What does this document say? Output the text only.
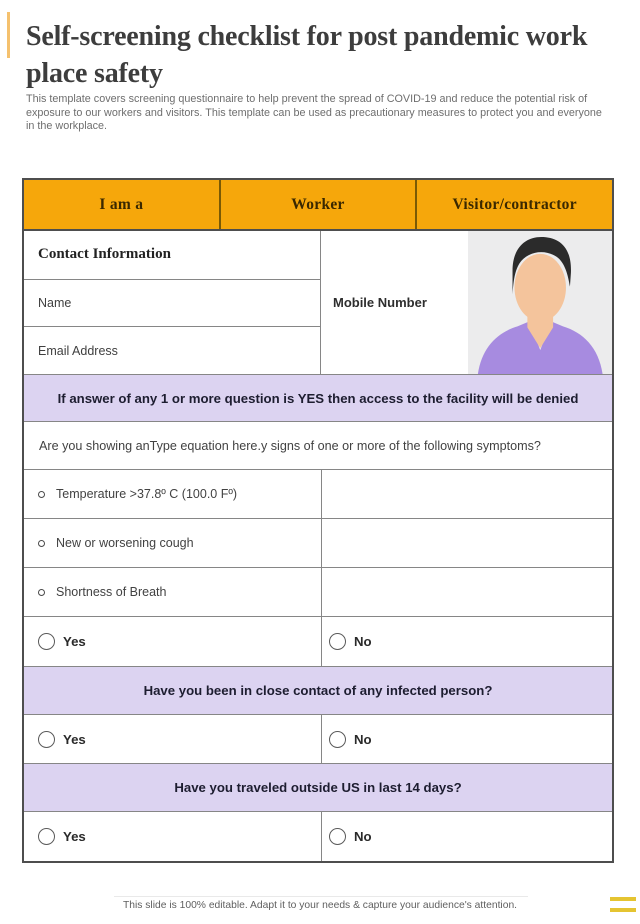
Self-screening checklist for post pandemic work place safety

This template covers screening questionnaire to help prevent the spread of COVID-19 and reduce the potential risk of exposure to our workers and visitors. This template can be used as precautionary measures to protect you and everyone in the workplace.

I am a	Worker	Visitor/contractor
Contact Information
Name
Email Address
Mobile Number
If answer of any 1 or more question is YES then access to the facility will be denied
Are you showing anType equation here.y signs of one or more of the following symptoms?
Temperature >37.8º C (100.0 Fº)
New or worsening cough
Shortness of Breath
Yes	No
Have you been in close contact of any infected person?
Yes	No
Have you traveled outside US in last 14 days?
Yes	No
This slide is 100% editable. Adapt it to your needs & capture your audience's attention.
